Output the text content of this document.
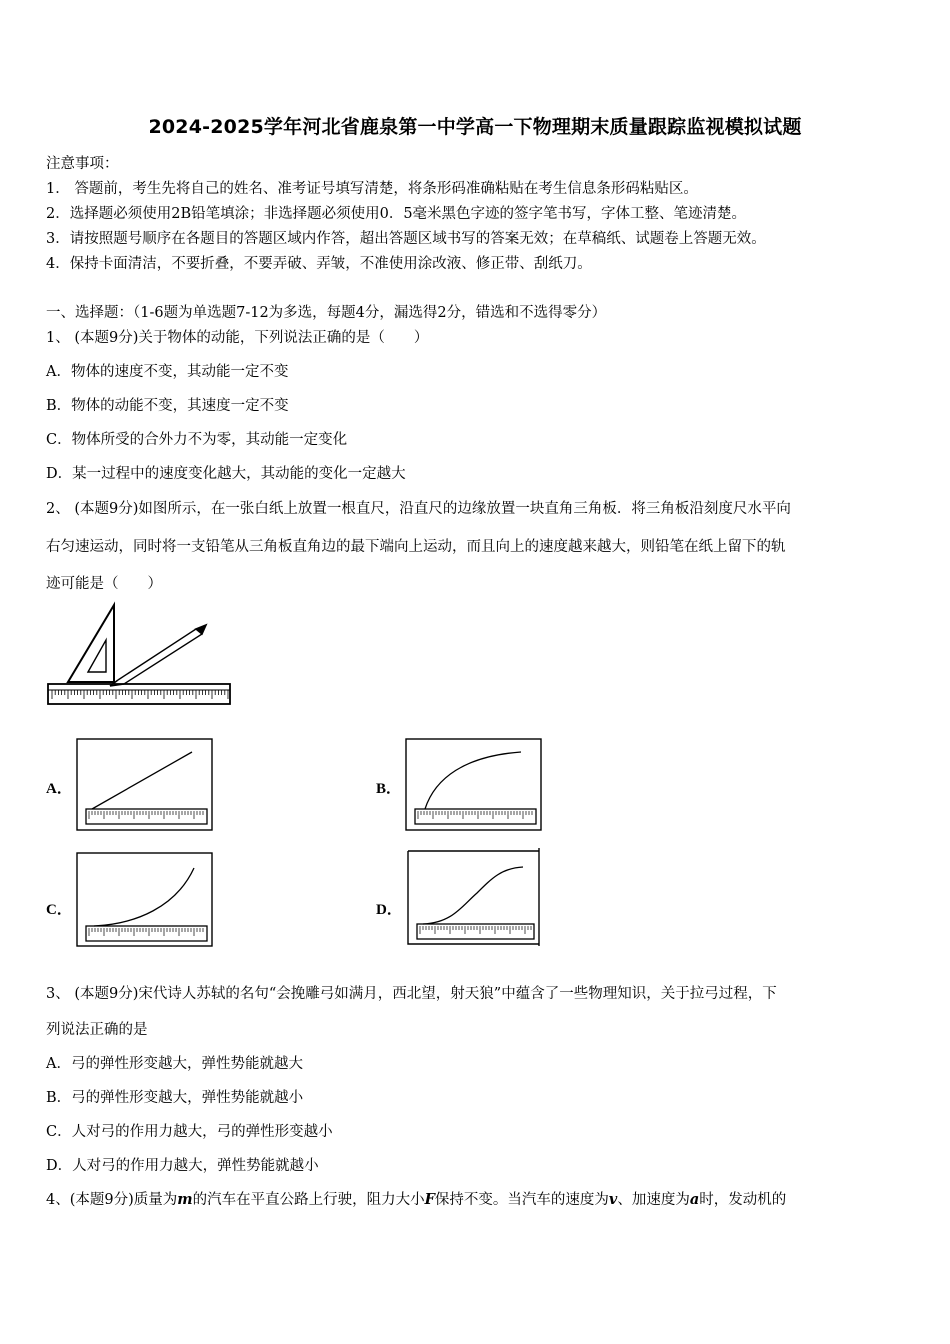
2024-2025学年河北省鹿泉第一中学高一下物理期末质量跟踪监视模拟试题
注意事项：
1． 答题前，考生先将自己的姓名、准考证号填写清楚，将条形码准确粘贴在考生信息条形码粘贴区。
2．选择题必须使用2B铅笔填涂；非选择题必须使用0．5毫米黑色字迹的签字笔书写，字体工整、笔迹清楚。
3．请按照题号顺序在各题目的答题区域内作答，超出答题区域书写的答案无效；在草稿纸、试题卷上答题无效。
4．保持卡面清洁，不要折叠，不要弄破、弄皱，不准使用涂改液、修正带、刮纸刀。
一、选择题：（1-6题为单选题7-12为多选，每题4分，漏选得2分，错选和不选得零分）
1、 (本题9分)关于物体的动能，下列说法正确的是（　　）
A．物体的速度不变，其动能一定不变
B．物体的动能不变，其速度一定不变
C．物体所受的合外力不为零，其动能一定变化
D．某一过程中的速度变化越大，其动能的变化一定越大
2、 (本题9分)如图所示，在一张白纸上放置一根直尺，沿直尺的边缘放置一块直角三角板．将三角板沿刻度尺水平向
右匀速运动，同时将一支铅笔从三角板直角边的最下端向上运动，而且向上的速度越来越大，则铅笔在纸上留下的轨
迹可能是（　　）
A．	B．
C．	D．
3、 (本题9分)宋代诗人苏轼的名句“会挽雕弓如满月，西北望，射天狼”中蕴含了一些物理知识，关于拉弓过程，下
列说法正确的是
A．弓的弹性形变越大，弹性势能就越大
B．弓的弹性形变越大，弹性势能就越小
C．人对弓的作用力越大，弓的弹性形变越小
D．人对弓的作用力越大，弹性势能就越小
4、(本题9分)质量为m的汽车在平直公路上行驶，阻力大小F保持不变。当汽车的速度为v、加速度为a时，发动机的
